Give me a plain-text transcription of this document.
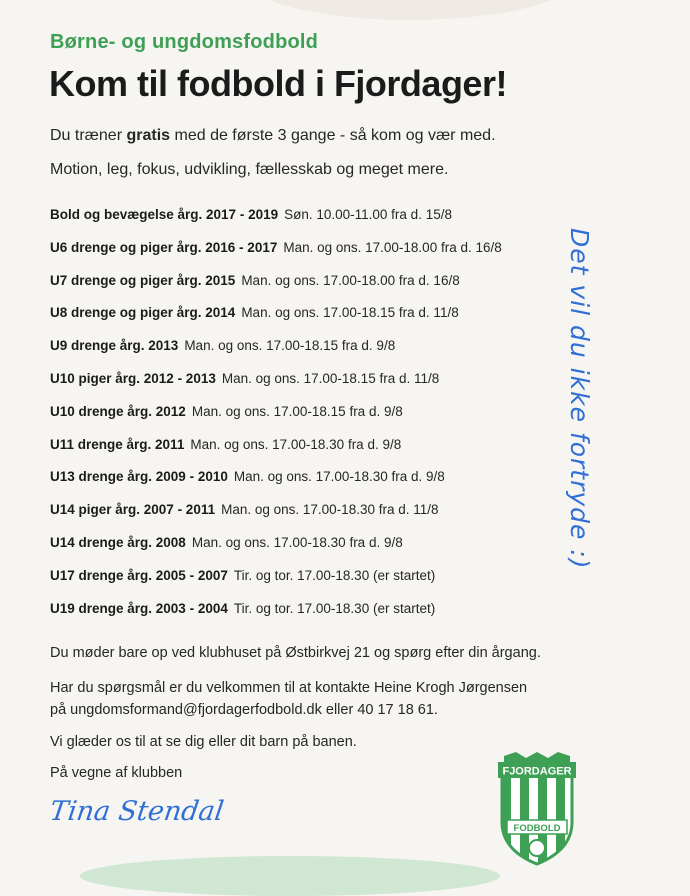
Børne- og ungdomsfodbold
Kom til fodbold i Fjordager!
Du træner gratis med de første 3 gange - så kom og vær med.
Motion, leg, fokus, udvikling, fællesskab og meget mere.
Bold og bevægelse årg. 2017 - 2019 Søn. 10.00-11.00 fra d. 15/8
U6 drenge og piger årg. 2016 - 2017 Man. og ons. 17.00-18.00 fra d. 16/8
U7 drenge og piger årg. 2015 Man. og ons. 17.00-18.00 fra d. 16/8
U8 drenge og piger årg. 2014 Man. og ons. 17.00-18.15 fra d. 11/8
U9 drenge årg. 2013 Man. og ons. 17.00-18.15 fra d. 9/8
U10 piger årg. 2012 - 2013 Man. og ons. 17.00-18.15 fra d. 11/8
U10 drenge årg. 2012 Man. og ons. 17.00-18.15 fra d. 9/8
U11 drenge årg. 2011 Man. og ons. 17.00-18.30 fra d. 9/8
U13 drenge årg. 2009 - 2010 Man. og ons. 17.00-18.30 fra d. 9/8
U14 piger årg. 2007 - 2011 Man. og ons. 17.00-18.30 fra d. 11/8
U14 drenge årg. 2008 Man. og ons. 17.00-18.30 fra d. 9/8
U17 drenge årg. 2005 - 2007 Tir. og tor. 17.00-18.30 (er startet)
U19 drenge årg. 2003 - 2004 Tir. og tor. 17.00-18.30 (er startet)
Det vil du ikke fortryde :)
Du møder bare op ved klubhuset på Østbirkvej 21 og spørg efter din årgang.
Har du spørgsmål er du velkommen til at kontakte Heine Krogh Jørgensen
på ungdomsformand@fjordagerfodbold.dk eller 40 17 18 61.
Vi glæder os til at se dig eller dit barn på banen.
På vegne af klubben
Tina Stendal
FJORDAGER
FODBOLD
